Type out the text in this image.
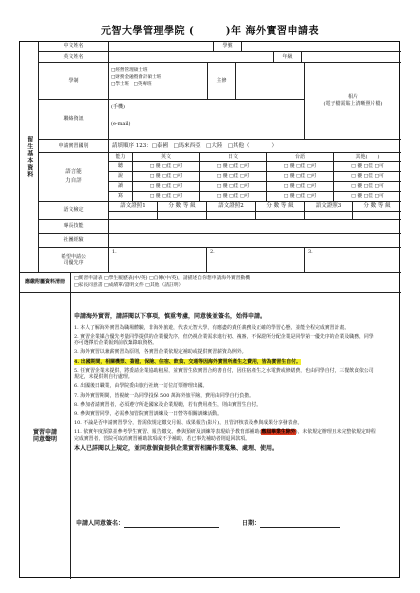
元智大學管理學院 (　　　)年 海外實習申請表
留生基本資料
應繳附屬資料清冊
實習申請同意聲明
中文姓名	學號
英文姓名	年級
學制
□經營管理碩士班
□財務金融暨會計碩士班
□學士班 □英專班
主修
相片
(電子檔需貼上清晰照片檔)
聯絡資訊
(手機)
(e-mail)
申請實習國別	請填順序 123：□泰國　□馬來西亞　□大陸　□其他（　　　　）
語言能力自評
能力	英文	日文	台語	其他(　　)
語文檢定
語文證照1	分 數 等 級	語文證照2	分 數 等 級	語文證照3	分 數 等 級
專長技能
社團經驗
希望申請公司優先序
1.	2.	3.
□實習申請表 □學生履歷表(中/英) □自傳(中/英)，請描述自你想申請海外實習動機
□家長同意書 □成績單/證明文件 □其他（請註明）
聽	□ 優 □佳 □可	□ 優 □佳 □可	□ 優 □佳 □可	□ 優 □佳 □可
說	□ 優 □佳 □可	□ 優 □佳 □可	□ 優 □佳 □可	□ 優 □佳 □可
讀	□ 優 □佳 □可	□ 優 □佳 □可	□ 優 □佳 □可	□ 優 □佳 □可
寫	□ 優 □佳 □可	□ 優 □佳 □可	□ 優 □佳 □可	□ 優 □佳 □可
申請海外實習，請詳閱以下事項，慎重考慮，同意後並簽名，始得申請。
1. 本人了解海外實習為職場體驗，非海外旅遊，代表元智大學，有應盡的責任義務及正確的學習心態，並能全程完成實習計畫。
2. 實習企業媒合優先考量同學提供的企業優先序，但仍視企業需求進行初、複審，不保證所分配企業是同學第一優先序的企業及職務，同學亦可選擇於企業報到前放棄錄取資格。
3. 海外實習以兼薪實習為原則，各實習企業依規定補助或提供實習薪資為例外。
4. 出國期間，相關機票、簽證、保險、住宿、飲食、交通等因海外實習所產生之費用，皆為實習生自付。
5. 任實習企業未提供，將委請企業協助租屋，並實習生依實習合約書自付，因住宿產生之水電費或修繕費，也由同學自付，三餐飲食依公司規定，未提供則自行處理。
6. 出國後日職業，由學院委由旅行社統一訂位訂票辦理出國。
7. 海外實習期間，皆視統一為同學投保 500 萬海外旅平險，費用由同學自行負擔。
8. 參加者請實習者，必須遵守所赴國家及企業規範，若有費用產生，則由實習生自付。
9. 參與實習同學，必需參加管院實習訓練及一日營等相關訓練活動。
10. 不論是否申請實習學分，皆需依規定繳交月報、成果報告(影片)，且管評核表及參與成果分享發表會。
11. 依實年度預算並參考學生實習、報告繳交、參與預研及訓練等表現給予教育部補助(應屆畢業生除外)，未依規定辦理且未完整依規定時程完成實習者，管院可取消實習補助款項或不予補助，若已事先補助者則退回款項。
本人已詳閱以上規定，並同意個資提供企業實習相關作業蒐集、處理、使用。
申請人同意簽名：	日期：
